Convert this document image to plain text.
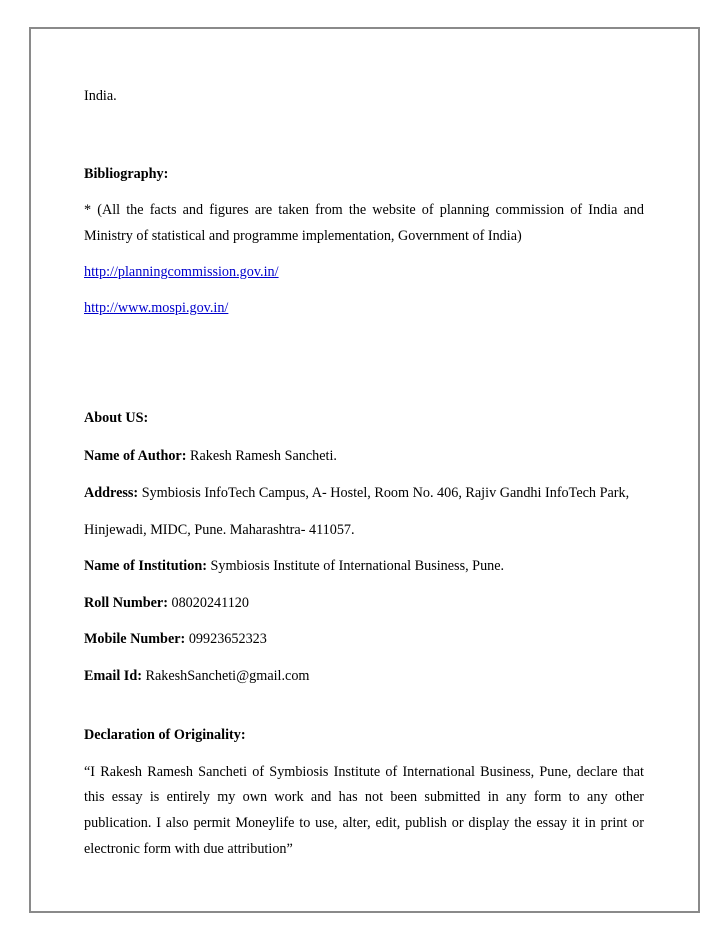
India.
Bibliography:
* (All the facts and figures are taken from the website of planning commission of India and
Ministry of statistical and programme implementation, Government of India)
http://planningcommission.gov.in/
http://www.mospi.gov.in/
About US:
Name of Author: Rakesh Ramesh Sancheti.
Address: Symbiosis InfoTech Campus, A- Hostel, Room No. 406, Rajiv Gandhi InfoTech Park,
Hinjewadi, MIDC, Pune. Maharashtra- 411057.
Name of Institution: Symbiosis Institute of International Business, Pune.
Roll Number: 08020241120
Mobile Number: 09923652323
Email Id: RakeshSancheti@gmail.com
Declaration of Originality:
“I Rakesh Ramesh Sancheti of Symbiosis Institute of International Business, Pune, declare that
this essay is entirely my own work and has not been submitted in any form to any other
publication. I also permit Moneylife to use, alter, edit, publish or display the essay it in print or
electronic form with due attribution”
